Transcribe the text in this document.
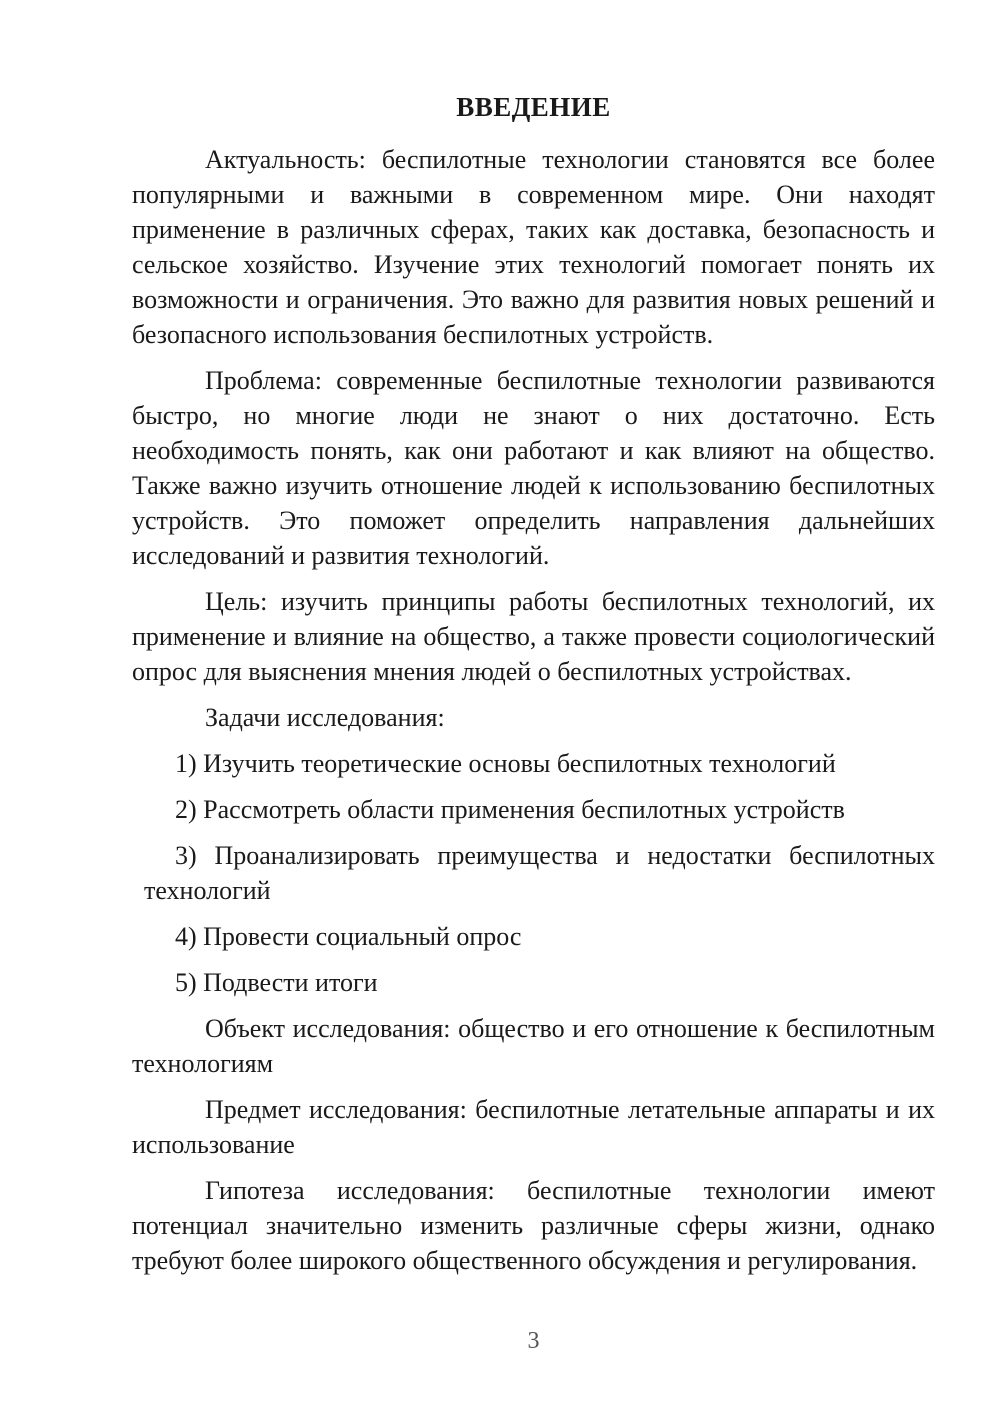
ВВЕДЕНИЕ

Актуальность: беспилотные технологии становятся все более популярными и важными в современном мире. Они находят применение в различных сферах, таких как доставка, безопасность и сельское хозяйство. Изучение этих технологий помогает понять их возможности и ограничения. Это важно для развития новых решений и безопасного использования беспилотных устройств.

Проблема: современные беспилотные технологии развиваются быстро, но многие люди не знают о них достаточно. Есть необходимость понять, как они работают и как влияют на общество. Также важно изучить отношение людей к использованию беспилотных устройств. Это поможет определить направления дальнейших исследований и развития технологий.

Цель: изучить принципы работы беспилотных технологий, их применение и влияние на общество, а также провести социологический опрос для выяснения мнения людей о беспилотных устройствах.

Задачи исследования:

1) Изучить теоретические основы беспилотных технологий

2) Рассмотреть области применения беспилотных устройств

3) Проанализировать преимущества и недостатки беспилотных технологий

4) Провести социальный опрос

5) Подвести итоги

Объект исследования: общество и его отношение к беспилотным технологиям

Предмет исследования: беспилотные летательные аппараты и их использование

Гипотеза исследования: беспилотные технологии имеют потенциал значительно изменить различные сферы жизни, однако требуют более широкого общественного обсуждения и регулирования.

3
